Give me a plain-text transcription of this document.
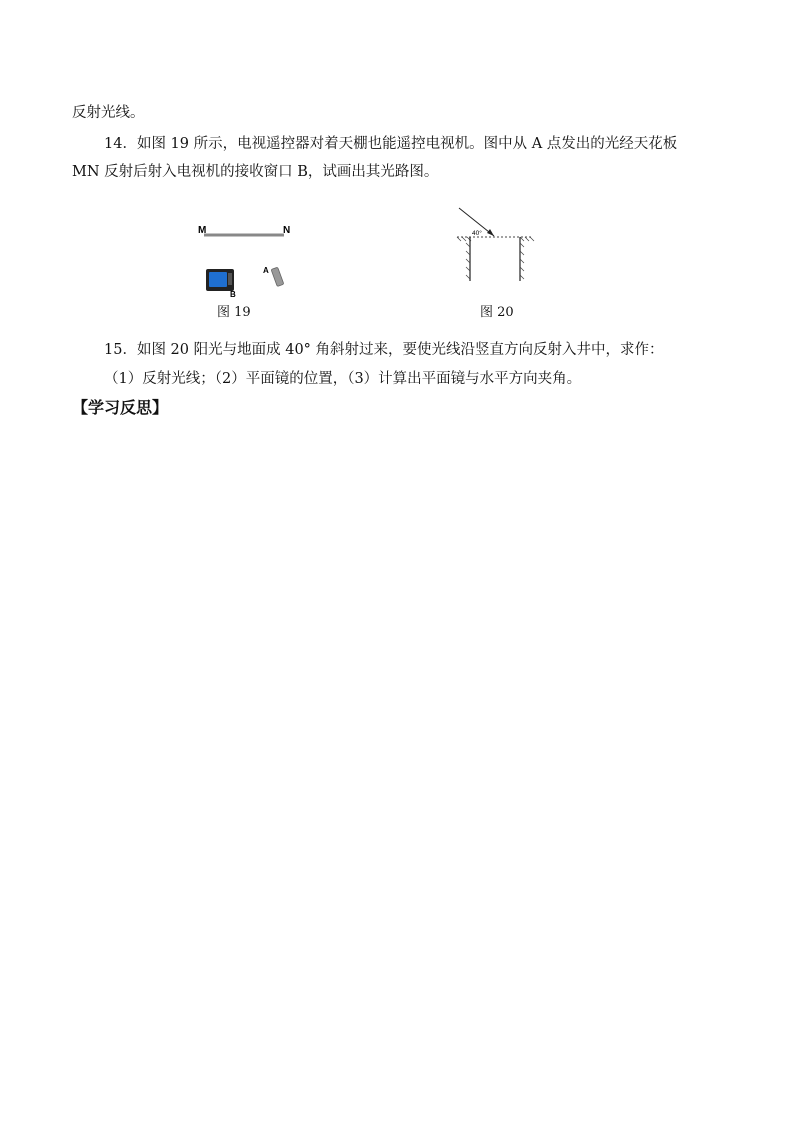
反射光线。
14．如图 19 所示，电视遥控器对着天棚也能遥控电视机。图中从 A 点发出的光经天花板
MN 反射后射入电视机的接收窗口 B，试画出其光路图。
M	N
B
A
图 19
40°
图 20
15．如图 20 阳光与地面成 40° 角斜射过来，要使光线沿竖直方向反射入井中，求作：
（1）反射光线；（2）平面镜的位置，（3）计算出平面镜与水平方向夹角。
【学习反思】
